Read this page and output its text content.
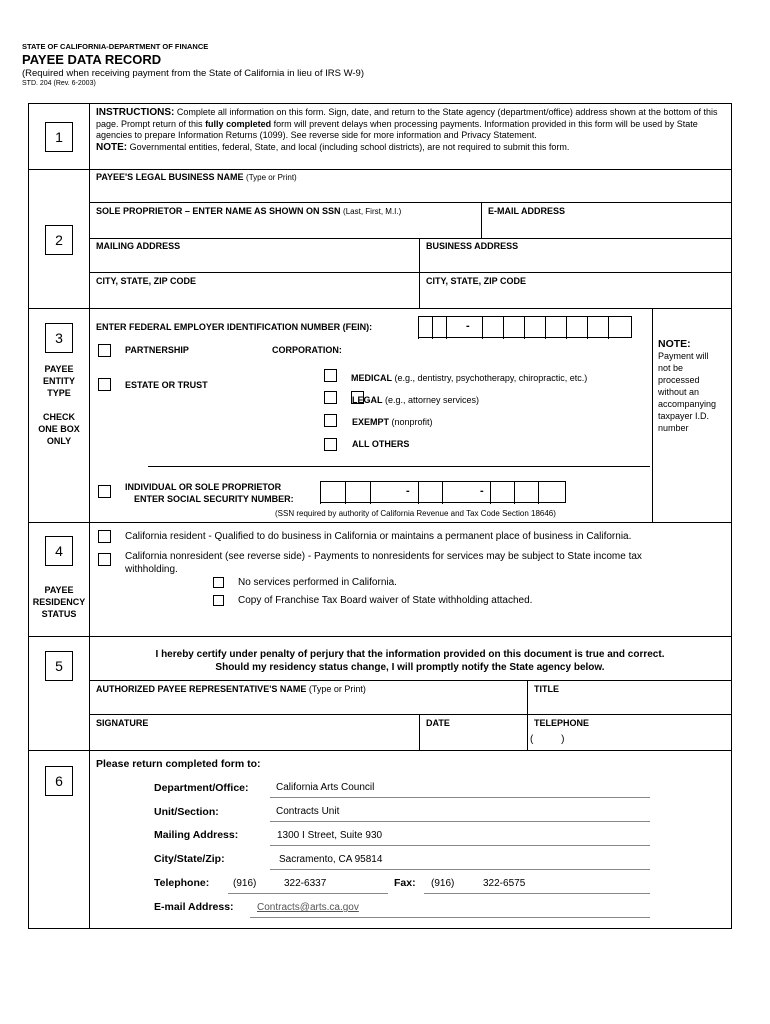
STATE OF CALIFORNIA-DEPARTMENT OF FINANCE
PAYEE DATA RECORD
(Required when receiving payment from the State of California in lieu of IRS W-9)
STD. 204 (Rev. 6-2003)
1
INSTRUCTIONS: Complete all information on this form. Sign, date, and return to the State agency (department/office) address shown at the bottom of this page. Prompt return of this fully completed form will prevent delays when processing payments. Information provided in this form will be used by State agencies to prepare Information Returns (1099). See reverse side for more information and Privacy Statement.
NOTE: Governmental entities, federal, State, and local (including school districts), are not required to submit this form.
2
PAYEE'S LEGAL BUSINESS NAME (Type or Print)
SOLE PROPRIETOR – ENTER NAME AS SHOWN ON SSN (Last, First, M.I.)	E-MAIL ADDRESS
MAILING ADDRESS	BUSINESS ADDRESS
CITY, STATE, ZIP CODE	CITY, STATE, ZIP CODE
3
PAYEE
ENTITY
TYPE
CHECK
ONE BOX
ONLY
ENTER FEDERAL EMPLOYER IDENTIFICATION NUMBER (FEIN):	-
PARTNERSHIP	CORPORATION:
ESTATE OR TRUST
MEDICAL (e.g., dentistry, psychotherapy, chiropractic, etc.)
LEGAL (e.g., attorney services)
EXEMPT (nonprofit)
ALL OTHERS
INDIVIDUAL OR SOLE PROPRIETOR
ENTER SOCIAL SECURITY NUMBER:
-	-
(SSN required by authority of California Revenue and Tax Code Section 18646)
NOTE:
Payment will
not be
processed
without an
accompanying
taxpayer I.D.
number
4
PAYEE
RESIDENCY
STATUS
California resident - Qualified to do business in California or maintains a permanent place of business in California.
California nonresident (see reverse side) - Payments to nonresidents for services may be subject to State income tax
withholding.
No services performed in California.
Copy of Franchise Tax Board waiver of State withholding attached.
5
I hereby certify under penalty of perjury that the information provided on this document is true and correct.
Should my residency status change, I will promptly notify the State agency below.
AUTHORIZED PAYEE REPRESENTATIVE'S NAME (Type or Print)	TITLE
SIGNATURE	DATE	TELEPHONE
(          )
6
Please return completed form to:
Department/Office:	California Arts Council
Unit/Section:	Contracts Unit
Mailing Address:	1300 I Street, Suite 930
City/State/Zip:	Sacramento, CA 95814
Telephone: (916)	322-6337	Fax: (916)	322-6575
E-mail Address: Contracts@arts.ca.gov
